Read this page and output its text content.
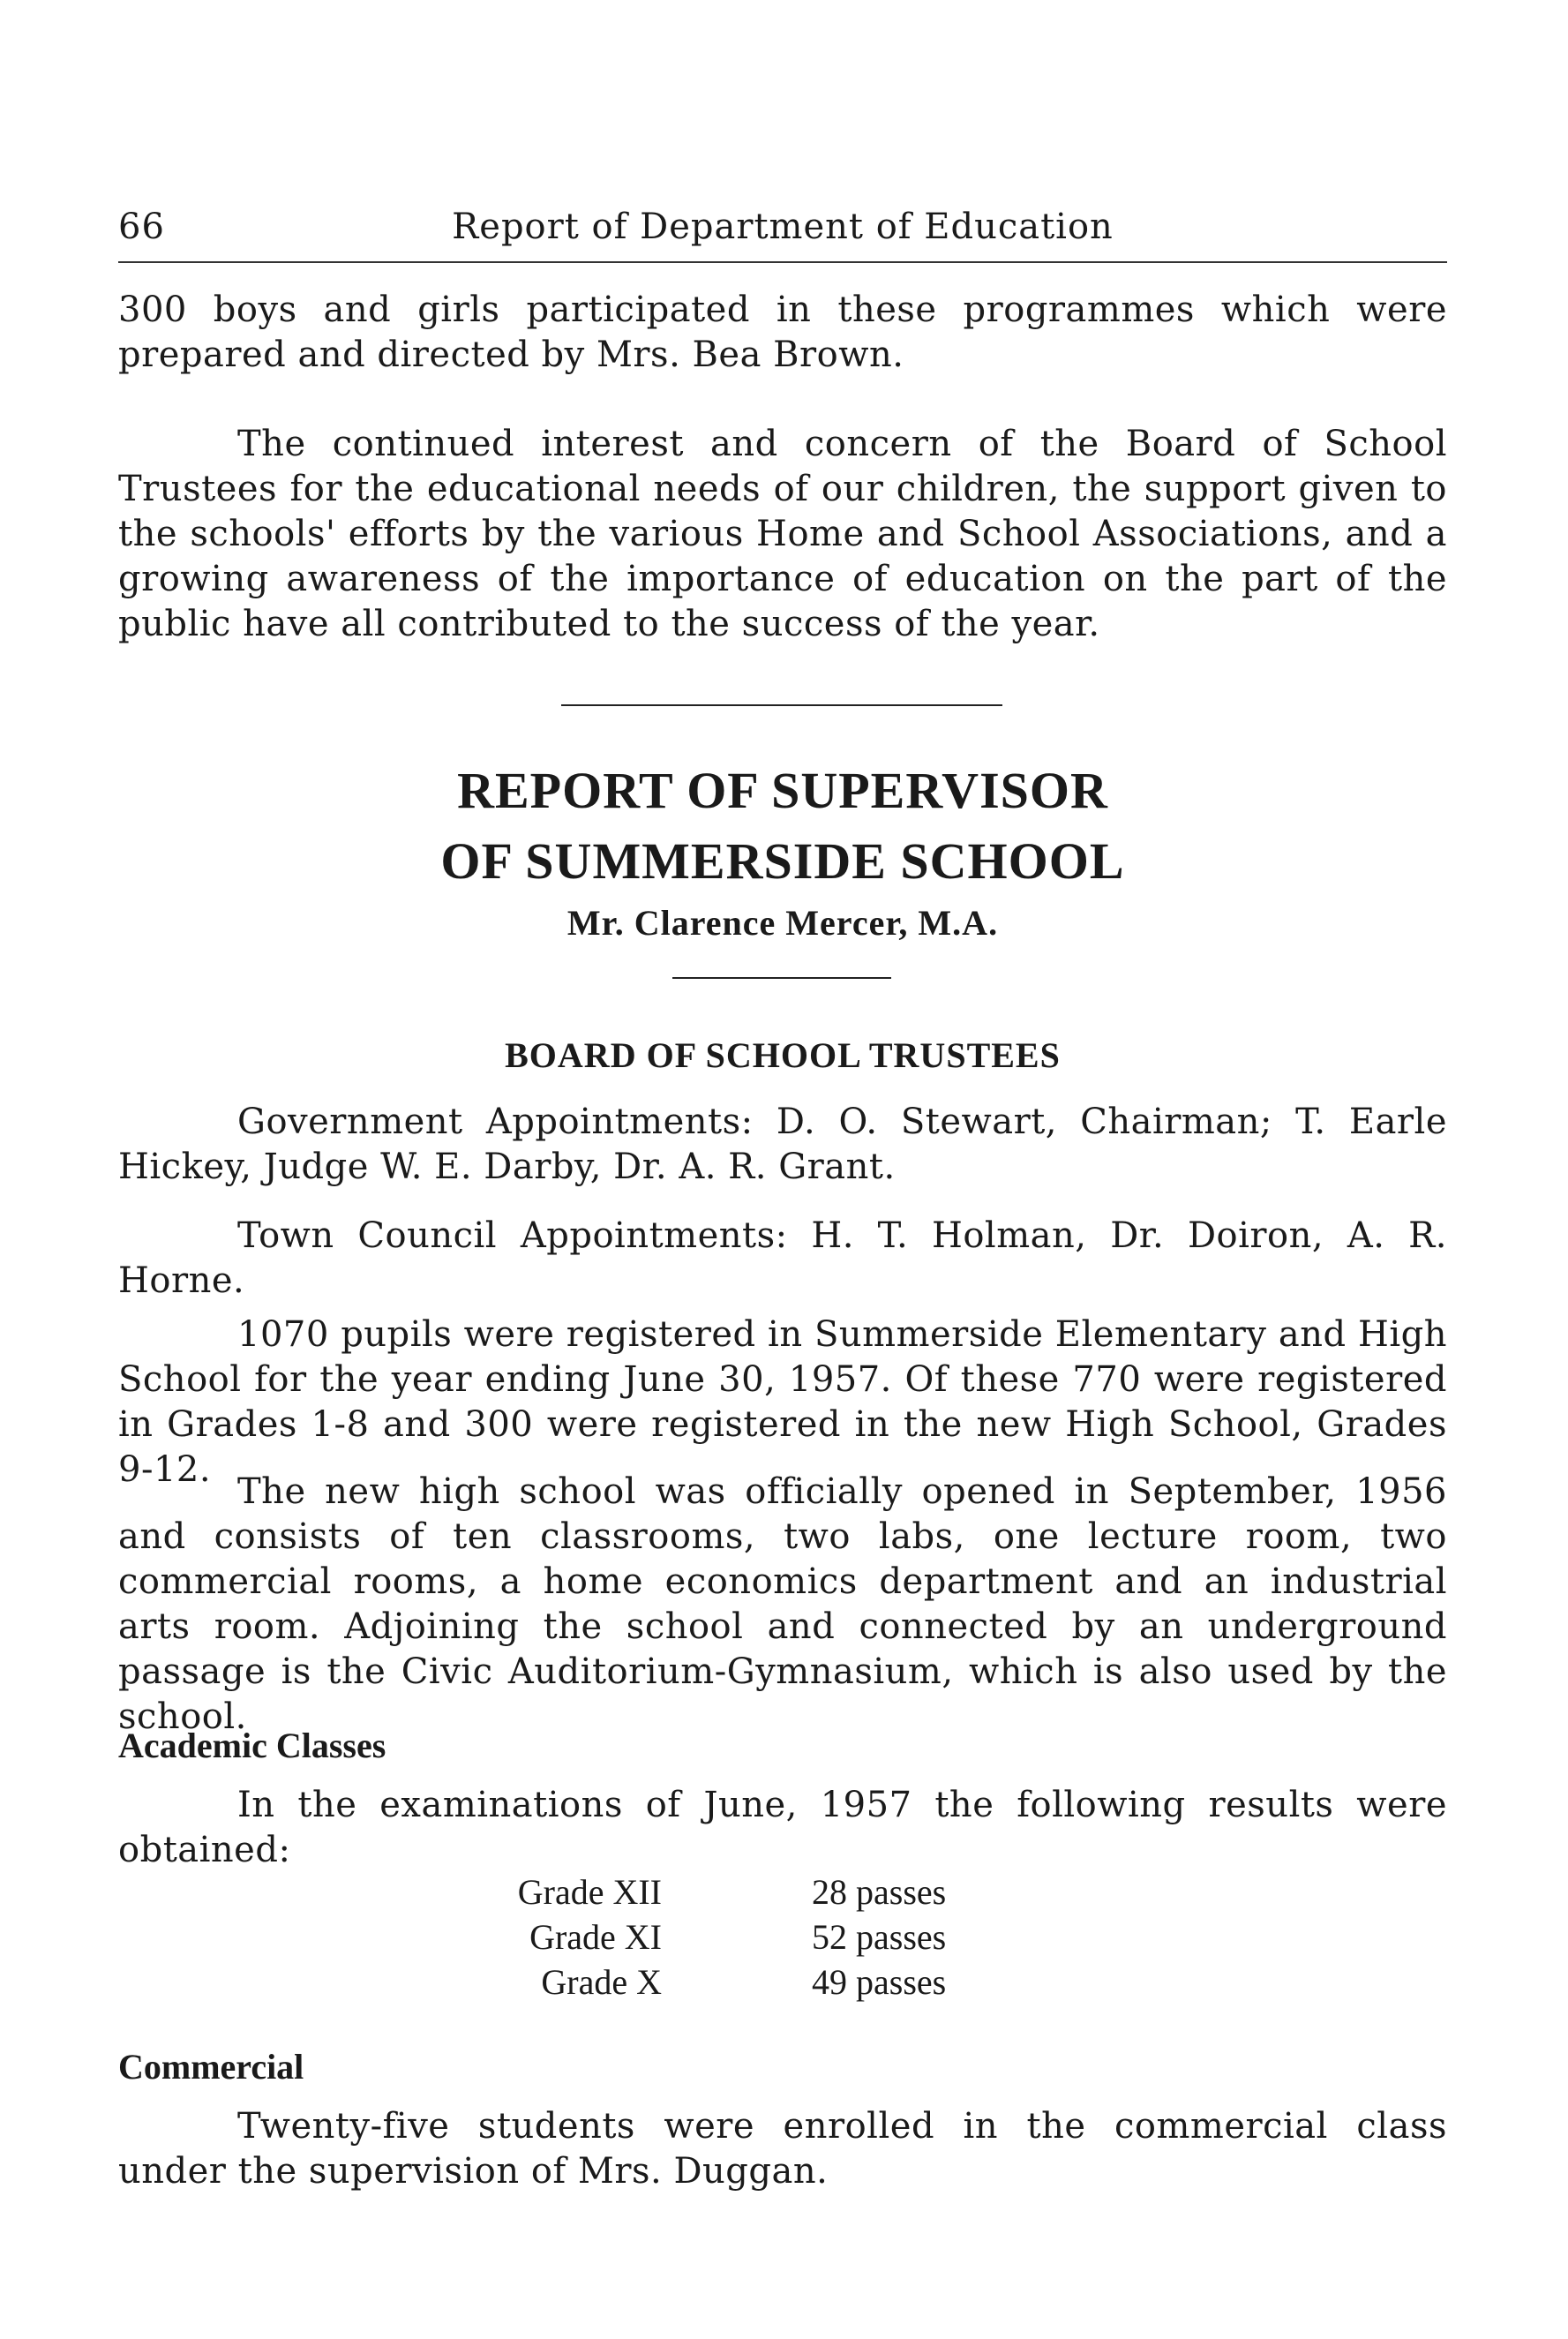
66	Report of Department of Education

300 boys and girls participated in these programmes which were prepared and directed by Mrs. Bea Brown.

The continued interest and concern of the Board of School Trustees for the educational needs of our children, the support given to the schools' efforts by the various Home and School Associations, and a growing awareness of the importance of education on the part of the public have all contributed to the success of the year.

REPORT OF SUPERVISOR
OF SUMMERSIDE SCHOOL
Mr. Clarence Mercer, M.A.
BOARD OF SCHOOL TRUSTEES

Government Appointments: D. O. Stewart, Chairman; T. Earle Hickey, Judge W. E. Darby, Dr. A. R. Grant.

Town Council Appointments: H. T. Holman, Dr. Doiron, A. R. Horne.

1070 pupils were registered in Summerside Elementary and High School for the year ending June 30, 1957. Of these 770 were registered in Grades 1-8 and 300 were registered in the new High School, Grades 9-12.

The new high school was officially opened in September, 1956 and consists of ten classrooms, two labs, one lecture room, two commercial rooms, a home economics department and an industrial arts room. Adjoining the school and connected by an underground passage is the Civic Auditorium-Gymnasium, which is also used by the school.

Academic Classes

In the examinations of June, 1957 the following results were obtained:

Grade XII	28 passes
Grade XI	52 passes
Grade X	49 passes
Commercial

Twenty-five students were enrolled in the commercial class under the supervision of Mrs. Duggan.
